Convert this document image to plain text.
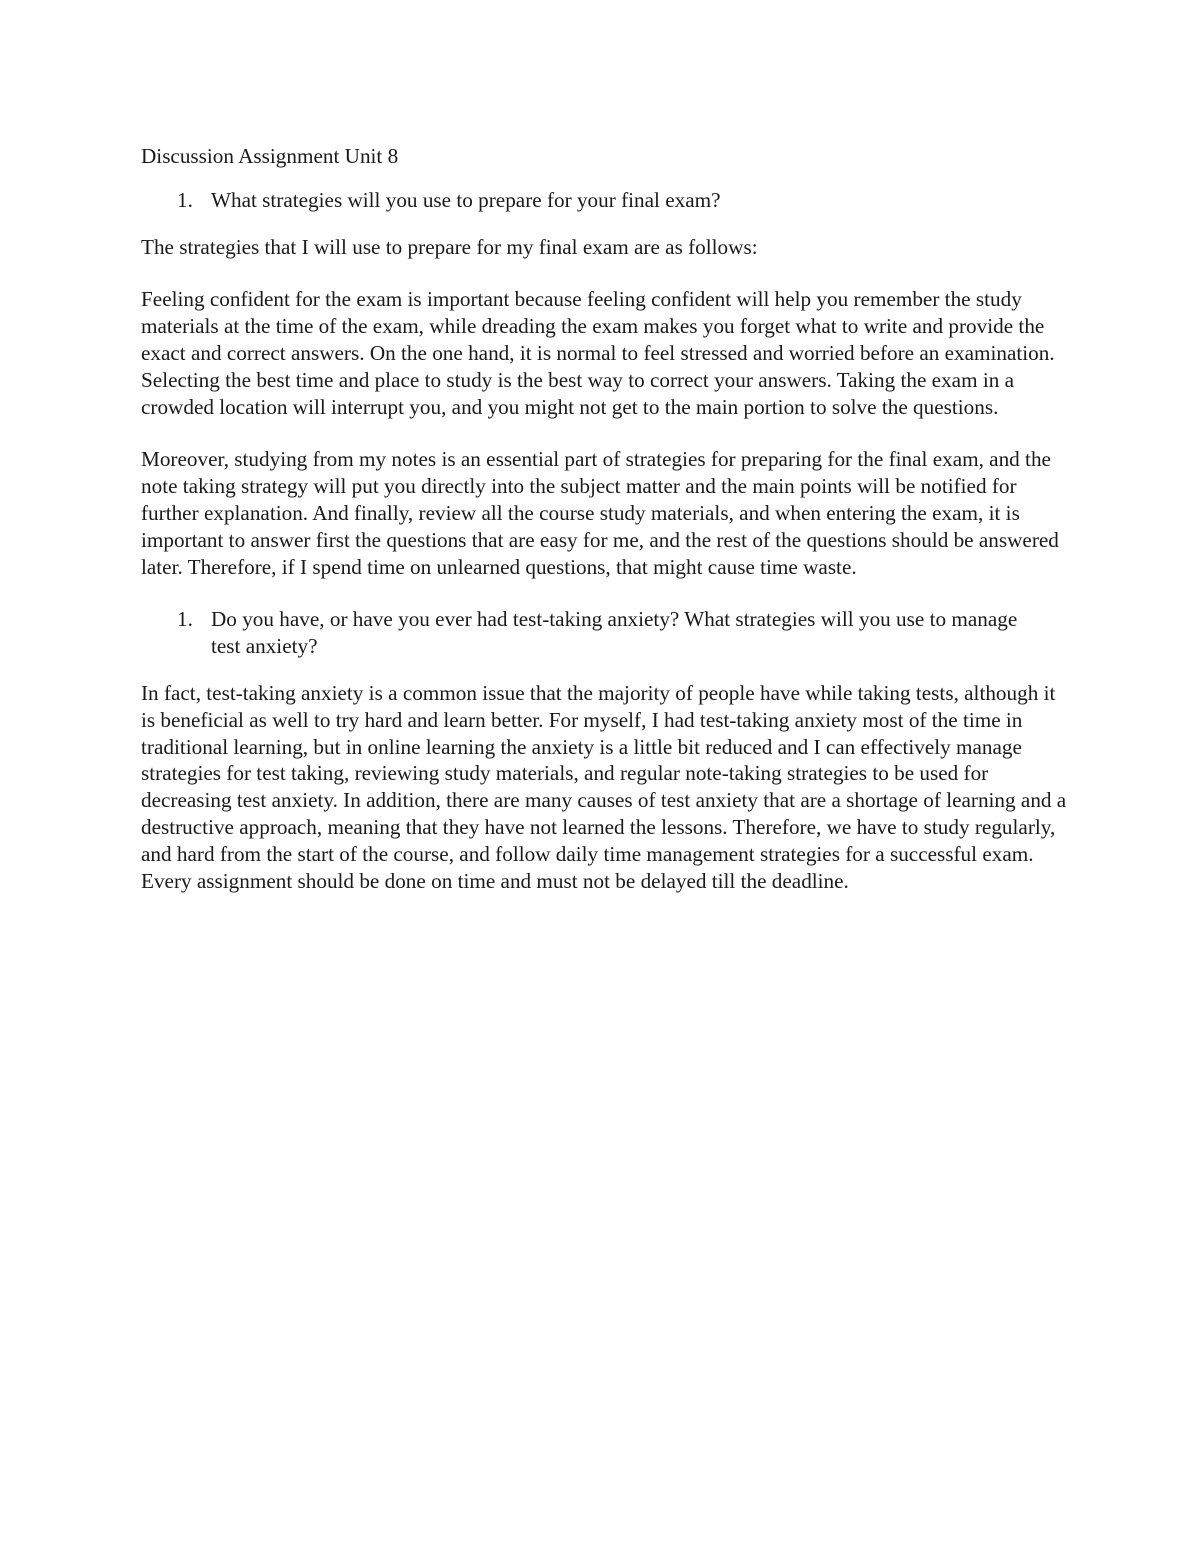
Discussion Assignment Unit 8
1. What strategies will you use to prepare for your final exam?

The strategies that I will use to prepare for my final exam are as follows:

Feeling confident for the exam is important because feeling confident will help you remember the study materials at the time of the exam, while dreading the exam makes you forget what to write and provide the exact and correct answers. On the one hand, it is normal to feel stressed and worried before an examination. Selecting the best time and place to study is the best way to correct your answers. Taking the exam in a crowded location will interrupt you, and you might not get to the main portion to solve the questions.

Moreover, studying from my notes is an essential part of strategies for preparing for the final exam, and the note taking strategy will put you directly into the subject matter and the main points will be notified for further explanation. And finally, review all the course study materials, and when entering the exam, it is important to answer first the questions that are easy for me, and the rest of the questions should be answered later. Therefore, if I spend time on unlearned questions, that might cause time waste.

1. Do you have, or have you ever had test-taking anxiety? What strategies will you use to manage test anxiety?

In fact, test-taking anxiety is a common issue that the majority of people have while taking tests, although it is beneficial as well to try hard and learn better. For myself, I had test-taking anxiety most of the time in traditional learning, but in online learning the anxiety is a little bit reduced and I can effectively manage strategies for test taking, reviewing study materials, and regular note-taking strategies to be used for decreasing test anxiety. In addition, there are many causes of test anxiety that are a shortage of learning and a destructive approach, meaning that they have not learned the lessons. Therefore, we have to study regularly, and hard from the start of the course, and follow daily time management strategies for a successful exam. Every assignment should be done on time and must not be delayed till the deadline.
